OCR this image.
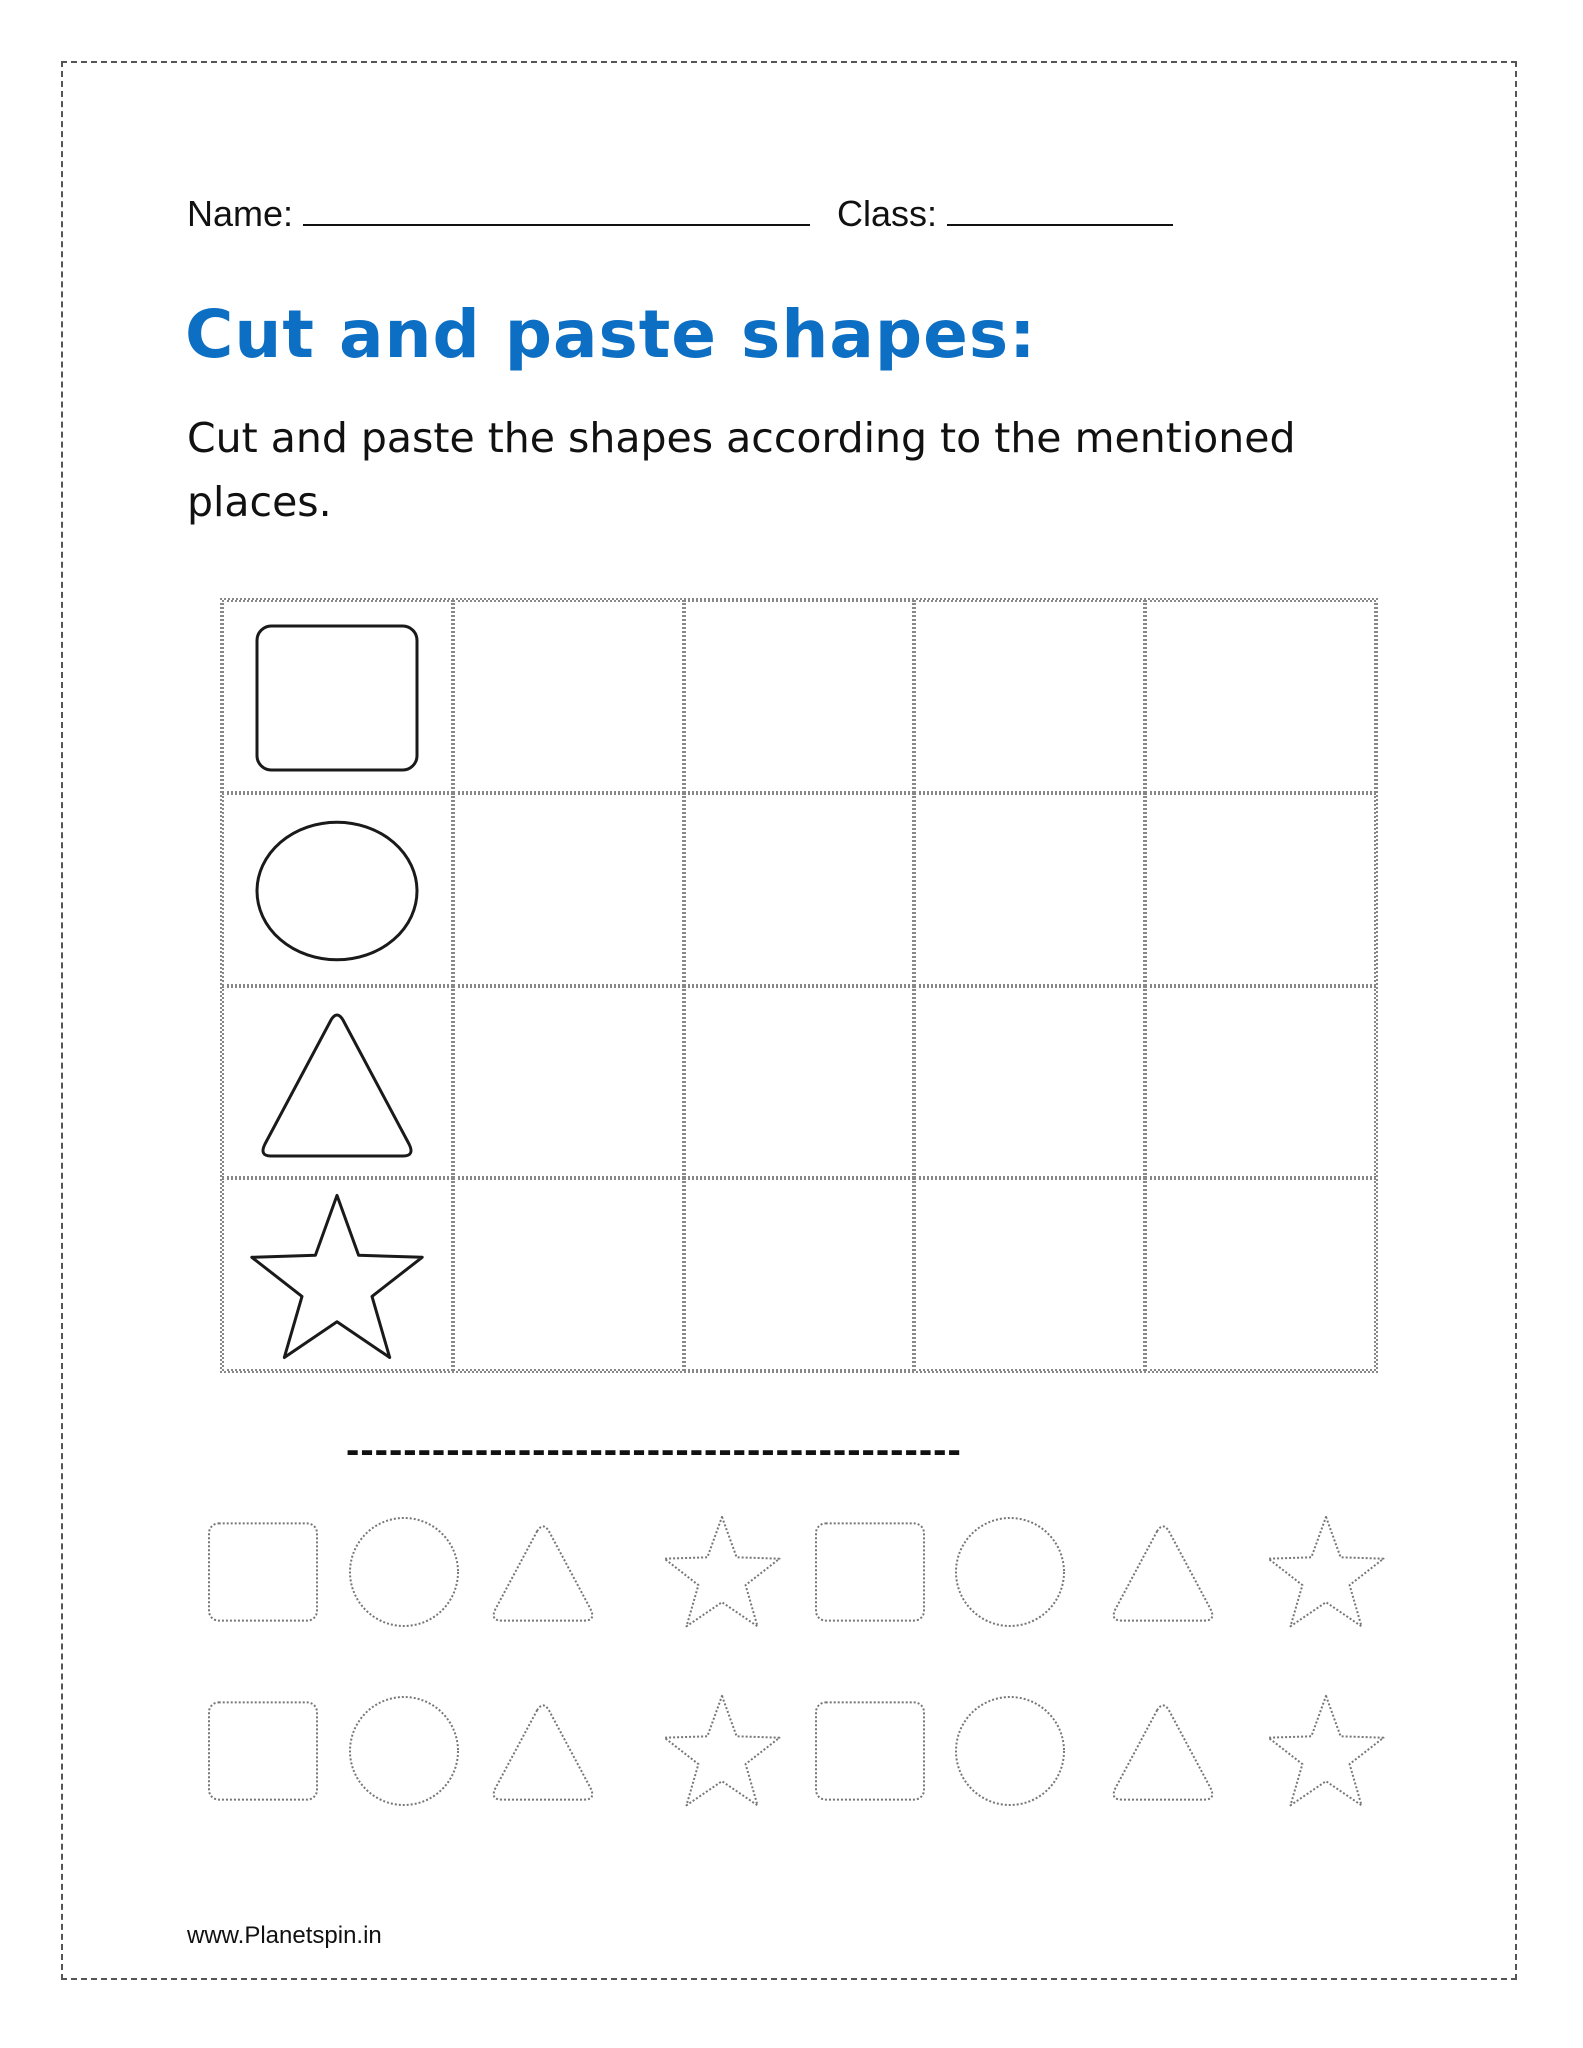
Name:	Class:
Cut and paste shapes:

Cut and paste the shapes according to the mentioned places.

-------------------------------------------
www.Planetspin.in
